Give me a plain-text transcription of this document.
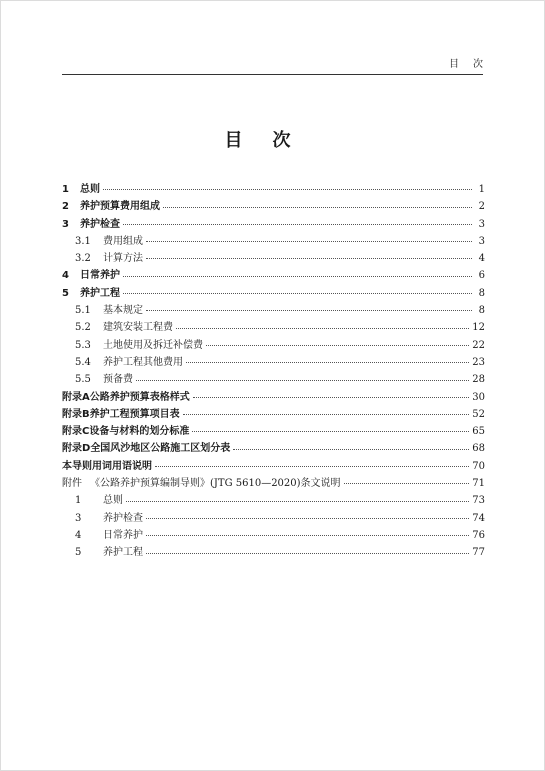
目次
目次
1	总则	1
2	养护预算费用组成	2
3	养护检查	3
3.1	费用组成	3
3.2	计算方法	4
4	日常养护	6
5	养护工程	8
5.1	基本规定	8
5.2	建筑安装工程费	12
5.3	土地使用及拆迁补偿费	22
5.4	养护工程其他费用	23
5.5	预备费	28
附录A 公路养护预算表格样式	30
附录B 养护工程预算项目表	52
附录C 设备与材料的划分标准	65
附录D 全国风沙地区公路施工区划分表	68
本导则用词用语说明	70
附件 《公路养护预算编制导则》(JTG 5610—2020)条文说明	71
1	总则	73
3	养护检查	74
4	日常养护	76
5	养护工程	77
